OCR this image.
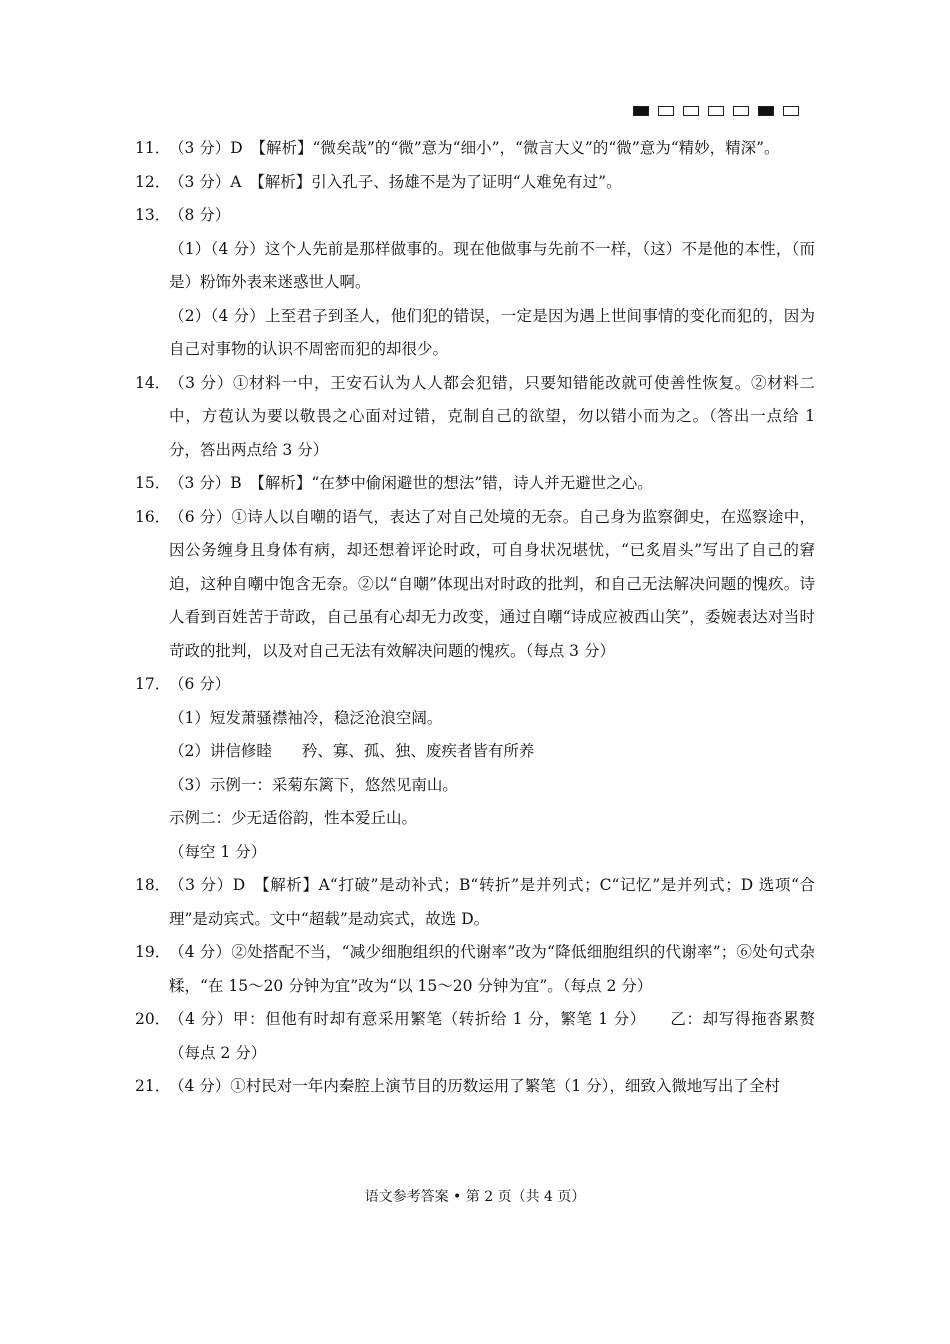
11．
（3 分）D　【解析】“微矣哉”的“微”意为“细小”，“微言大义”的“微”意为“精妙，精深”。
12．
（3 分）A　【解析】引入孔子、扬雄不是为了证明“人难免有过”。
13．
（8 分）
（1）（4 分）这个人先前是那样做事的。现在他做事与先前不一样，（这）不是他的本性，（而是）粉饰外表来迷惑世人啊。
（2）（4 分）上至君子到圣人，他们犯的错误，一定是因为遇上世间事情的变化而犯的，因为自己对事物的认识不周密而犯的却很少。
14．
（3 分）①材料一中，王安石认为人人都会犯错，只要知错能改就可使善性恢复。②材料二中，方苞认为要以敬畏之心面对过错，克制自己的欲望，勿以错小而为之。（答出一点给 1 分，答出两点给 3 分）
15．
（3 分）B　【解析】“在梦中偷闲避世的想法”错，诗人并无避世之心。
16．
（6 分）①诗人以自嘲的语气，表达了对自己处境的无奈。自己身为监察御史，在巡察途中，因公务缠身且身体有病，却还想着评论时政，可自身状况堪忧，“已炙眉头”写出了自己的窘迫，这种自嘲中饱含无奈。②以“自嘲”体现出对时政的批判，和自己无法解决问题的愧疚。诗人看到百姓苦于苛政，自己虽有心却无力改变，通过自嘲“诗成应被西山笑”，委婉表达对当时苛政的批判，以及对自己无法有效解决问题的愧疚。（每点 3 分）
17．
（6 分）
（1）短发萧骚襟袖冷，稳泛沧浪空阔。
（2）讲信修睦 矜、寡、孤、独、废疾者皆有所养
（3）示例一：采菊东篱下，悠然见南山。
示例二：少无适俗韵，性本爱丘山。
（每空 1 分）
18．
（3 分）D　【解析】A“打破”是动补式；B“转折”是并列式；C“记忆”是并列式；D 选项“合理”是动宾式。文中“超载”是动宾式，故选 D。
19．
（4 分）②处搭配不当，“减少细胞组织的代谢率”改为“降低细胞组织的代谢率”；⑥处句式杂糅，“在 15～20 分钟为宜”改为“以 15～20 分钟为宜”。（每点 2 分）
20．
（4 分）甲：但他有时却有意采用繁笔（转折给 1 分，繁笔 1 分）　　乙：却写得拖沓累赘（每点 2 分）
21．
（4 分）①村民对一年内秦腔上演节目的历数运用了繁笔（1 分），细致入微地写出了全村
语文参考答案 • 第 2 页（共 4 页）
